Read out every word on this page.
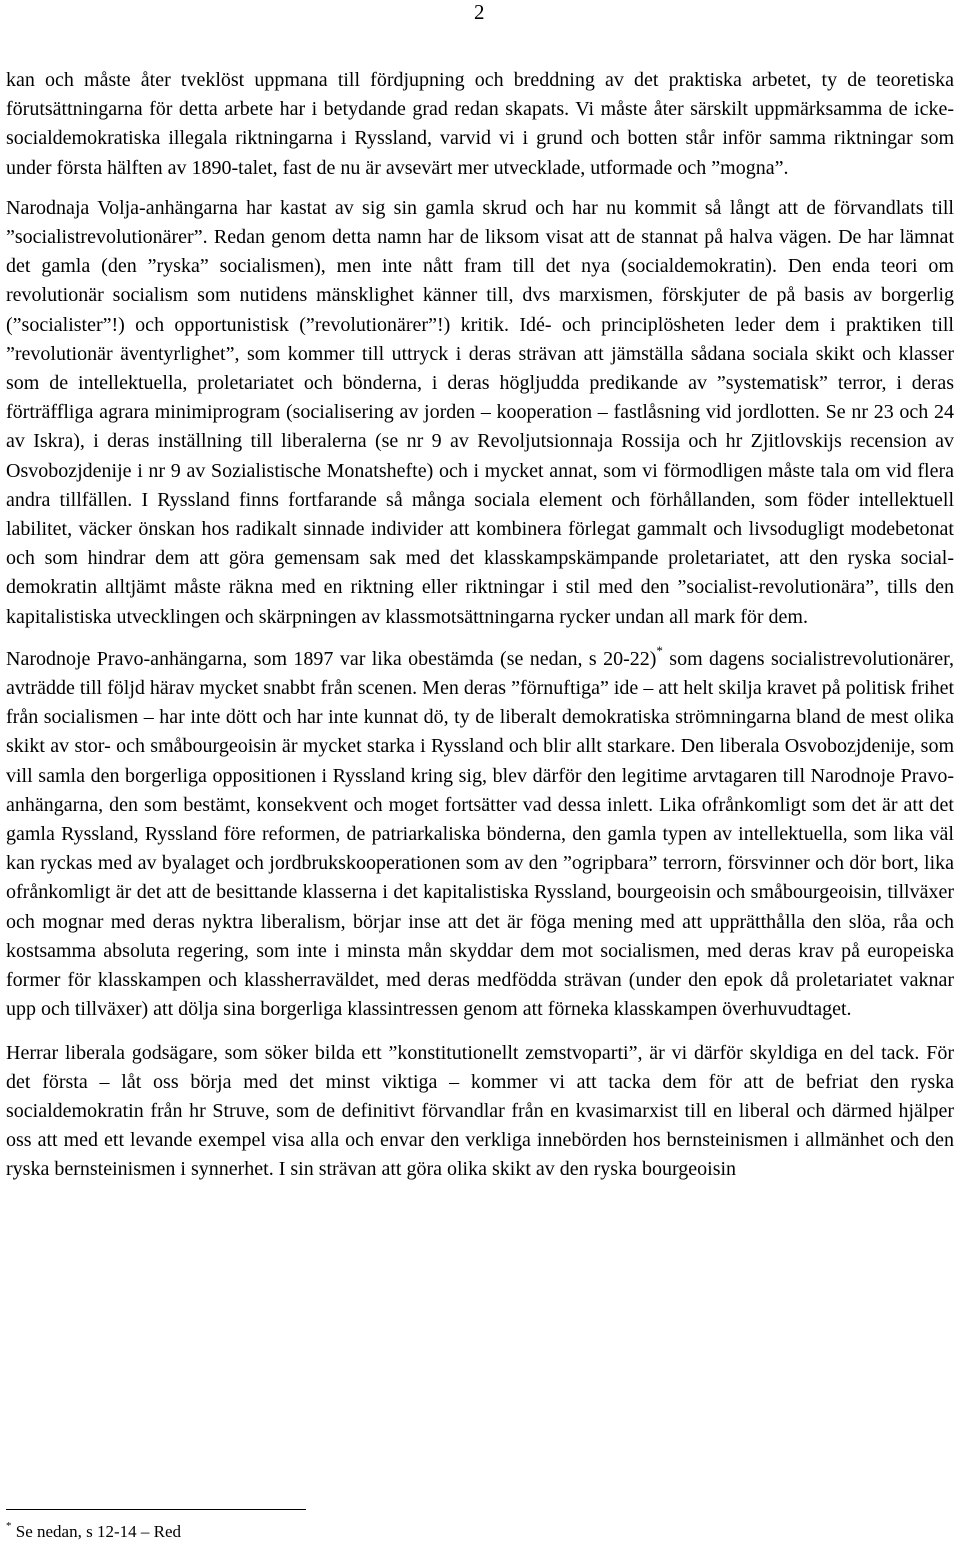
2

kan och måste åter tveklöst uppmana till fördjupning och breddning av det praktiska arbetet, ty de teoretiska förutsättningarna för detta arbete har i betydande grad redan skapats. Vi måste åter särskilt uppmärksamma de icke-socialdemokratiska illegala riktningarna i Ryssland, varvid vi i grund och botten står inför samma riktningar som under första hälften av 1890-talet, fast de nu är avsevärt mer utvecklade, utformade och ”mogna”.

Narodnaja Volja-anhängarna har kastat av sig sin gamla skrud och har nu kommit så långt att de förvandlats till ”socialistrevolutionärer”. Redan genom detta namn har de liksom visat att de stannat på halva vägen. De har lämnat det gamla (den ”ryska” socialismen), men inte nått fram till det nya (socialdemokratin). Den enda teori om revolutionär socialism som nutidens mänsklighet känner till, dvs marxismen, förskjuter de på basis av borgerlig (”socialister”!) och opportunistisk (”revolutionärer”!) kritik. Idé- och principlösheten leder dem i praktiken till ”revolutionär äventyrlighet”, som kommer till uttryck i deras strävan att jämställa sådana sociala skikt och klasser som de intellektuella, proletariatet och bönderna, i deras högljudda predikande av ”systematisk” terror, i deras förträffliga agrara minimiprogram (socialisering av jorden – kooperation – fastlåsning vid jordlotten. Se nr 23 och 24 av Iskra), i deras inställning till liberalerna (se nr 9 av Revoljutsionnaja Rossija och hr Zjitlovskijs recension av Osvobozjdenije i nr 9 av Sozialistische Monatshefte) och i mycket annat, som vi förmodligen måste tala om vid flera andra tillfällen. I Ryssland finns fortfarande så många sociala element och förhållanden, som föder intellektuell labilitet, väcker önskan hos radikalt sinnade individer att kombinera förlegat gammalt och livsodugligt modebetonat och som hindrar dem att göra gemensam sak med det klasskampskämpande proletariatet, att den ryska social-demokratin alltjämt måste räkna med en riktning eller riktningar i stil med den ”socialist-revolutionära”, tills den kapitalistiska utvecklingen och skärpningen av klassmotsättningarna rycker undan all mark för dem.

Narodnoje Pravo-anhängarna, som 1897 var lika obestämda (se nedan, s 20-22)* som dagens socialistrevolutionärer, avträdde till följd härav mycket snabbt från scenen. Men deras ”förnuftiga” ide – att helt skilja kravet på politisk frihet från socialismen – har inte dött och har inte kunnat dö, ty de liberalt demokratiska strömningarna bland de mest olika skikt av stor- och småbourgeoisin är mycket starka i Ryssland och blir allt starkare. Den liberala Osvobozjdenije, som vill samla den borgerliga oppositionen i Ryssland kring sig, blev därför den legitime arvtagaren till Narodnoje Pravo-anhängarna, den som bestämt, konsekvent och moget fortsätter vad dessa inlett. Lika ofrånkomligt som det är att det gamla Ryssland, Ryssland före reformen, de patriarkaliska bönderna, den gamla typen av intellektuella, som lika väl kan ryckas med av byalaget och jordbrukskooperationen som av den ”ogripbara” terrorn, försvinner och dör bort, lika ofrånkomligt är det att de besittande klasserna i det kapitalistiska Ryssland, bourgeoisin och småbourgeoisin, tillväxer och mognar med deras nyktra liberalism, börjar inse att det är föga mening med att upprätthålla den slöa, råa och kostsamma absoluta regering, som inte i minsta mån skyddar dem mot socialismen, med deras krav på europeiska former för klasskampen och klassherraväldet, med deras medfödda strävan (under den epok då proletariatet vaknar upp och tillväxer) att dölja sina borgerliga klassintressen genom att förneka klasskampen överhuvudtaget.

Herrar liberala godsägare, som söker bilda ett ”konstitutionellt zemstvoparti”, är vi därför skyldiga en del tack. För det första – låt oss börja med det minst viktiga – kommer vi att tacka dem för att de befriat den ryska socialdemokratin från hr Struve, som de definitivt förvandlar från en kvasimarxist till en liberal och därmed hjälper oss att med ett levande exempel visa alla och envar den verkliga innebörden hos bernsteinismen i allmänhet och den ryska bernsteinismen i synnerhet. I sin strävan att göra olika skikt av den ryska bourgeoisin

* Se nedan, s 12-14 – Red
